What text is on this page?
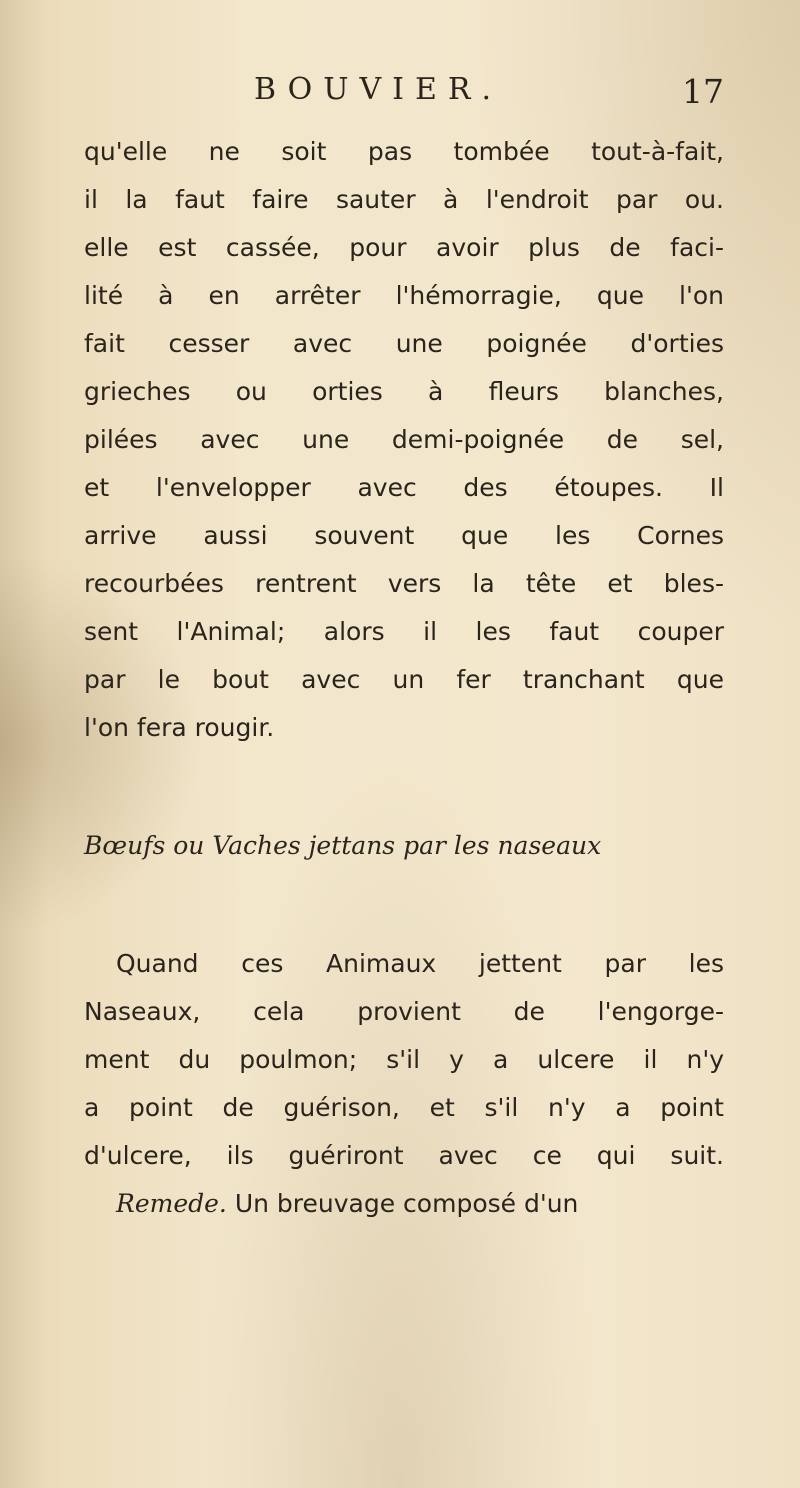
BOUVIER.	17
qu'elle ne soit pas tombée tout-à-fait,
il la faut faire sauter à l'endroit par ou.
elle est cassée, pour avoir plus de faci-
lité à en arrêter l'hémorragie, que l'on
fait cesser avec une poignée d'orties
grieches ou orties à fleurs blanches,
pilées avec une demi-poignée de sel,
et l'envelopper avec des étoupes. Il
arrive aussi souvent que les Cornes
recourbées rentrent vers la tête et bles-
sent l'Animal; alors il les faut couper
par le bout avec un fer tranchant que
l'on fera rougir.
Bœufs ou Vaches jettans par les naseaux
Quand ces Animaux jettent par les
Naseaux, cela provient de l'engorge-
ment du poulmon; s'il y a ulcere il n'y
a point de guérison, et s'il n'y a point
d'ulcere, ils guériront avec ce qui suit.
Remede. Un breuvage composé d'un
